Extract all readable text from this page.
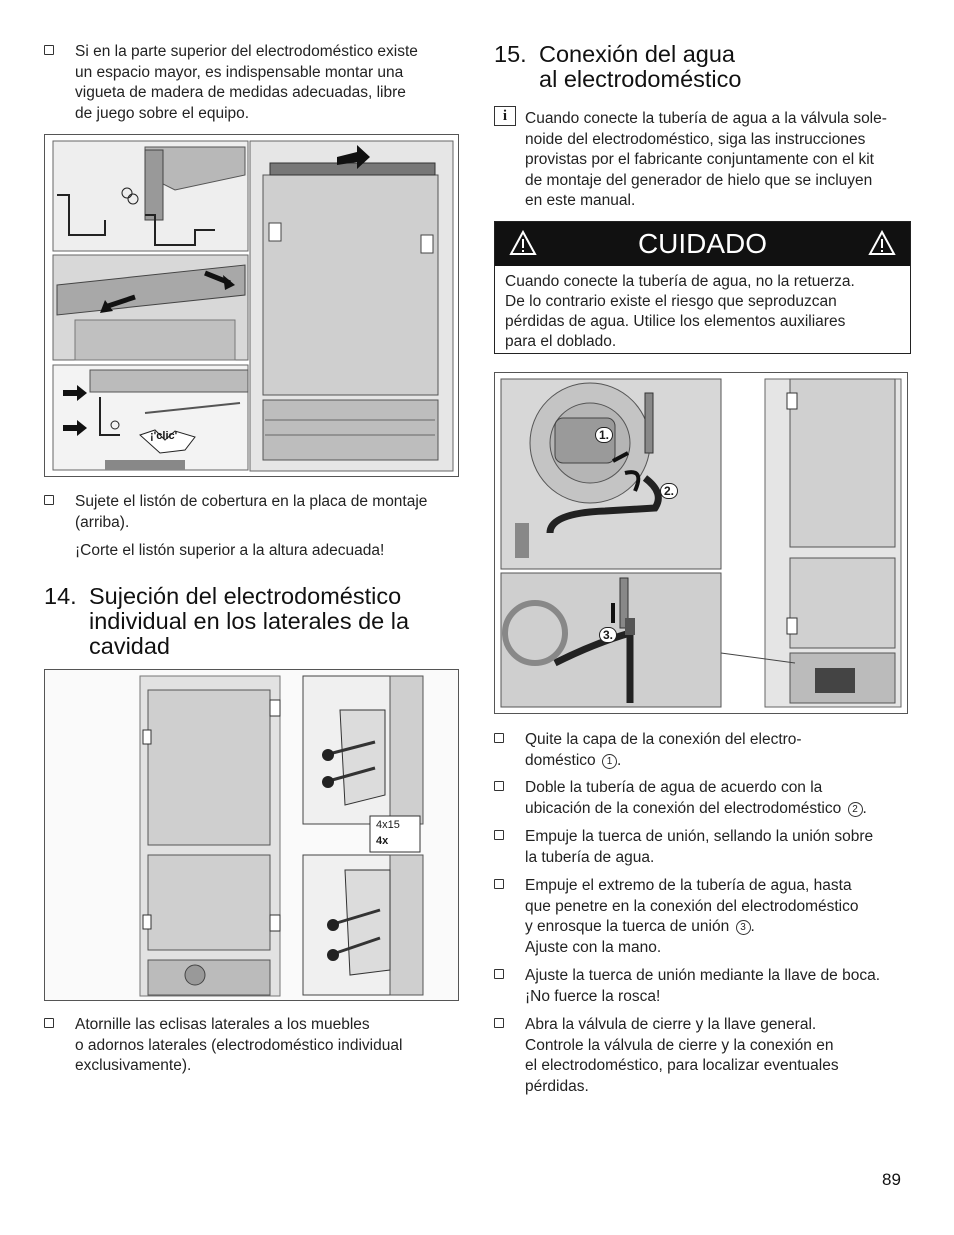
Si en la parte superior del electrodoméstico existe
un espacio mayor, es indispensable montar una
vigueta de madera de medidas adecuadas, libre
de juego sobre el equipo.
¡'clic'
Sujete el listón de cobertura en la placa de montaje
(arriba).
¡Corte el listón superior a la altura adecuada!
14. Sujeción del electrodoméstico
individual en los laterales de la
cavidad
4x15
4x
Atornille las eclisas laterales a los muebles
o adornos laterales (electrodoméstico individual
exclusivamente).
15. Conexión del agua
al electrodoméstico
i	Cuando conecte la tubería de agua a la válvula sole-
noide del electrodoméstico, siga las instrucciones
provistas por el fabricante conjuntamente con el kit
de montaje del generador de hielo que se incluyen
en este manual.
CUIDADO
Cuando conecte la tubería de agua, no la retuerza.
De lo contrario existe el riesgo que seproduzcan
pérdidas de agua. Utilice los elementos auxiliares
para el doblado.
1.
2.
3.
Quite la capa de la conexión del electro-
doméstico 1 .
Doble la tubería de agua de acuerdo con la
ubicación de la conexión del electrodoméstico 2 .
Empuje la tuerca de unión, sellando la unión sobre
la tubería de agua.
Empuje el extremo de la tubería de agua, hasta
que penetre en la conexión del electrodoméstico
y enrosque la tuerca de unión 3 .
Ajuste con la mano.
Ajuste la tuerca de unión mediante la llave de boca.
¡No fuerce la rosca!
Abra la válvula de cierre y la llave general.
Controle la válvula de cierre y la conexión en
el electrodoméstico, para localizar eventuales
pérdidas.
89
